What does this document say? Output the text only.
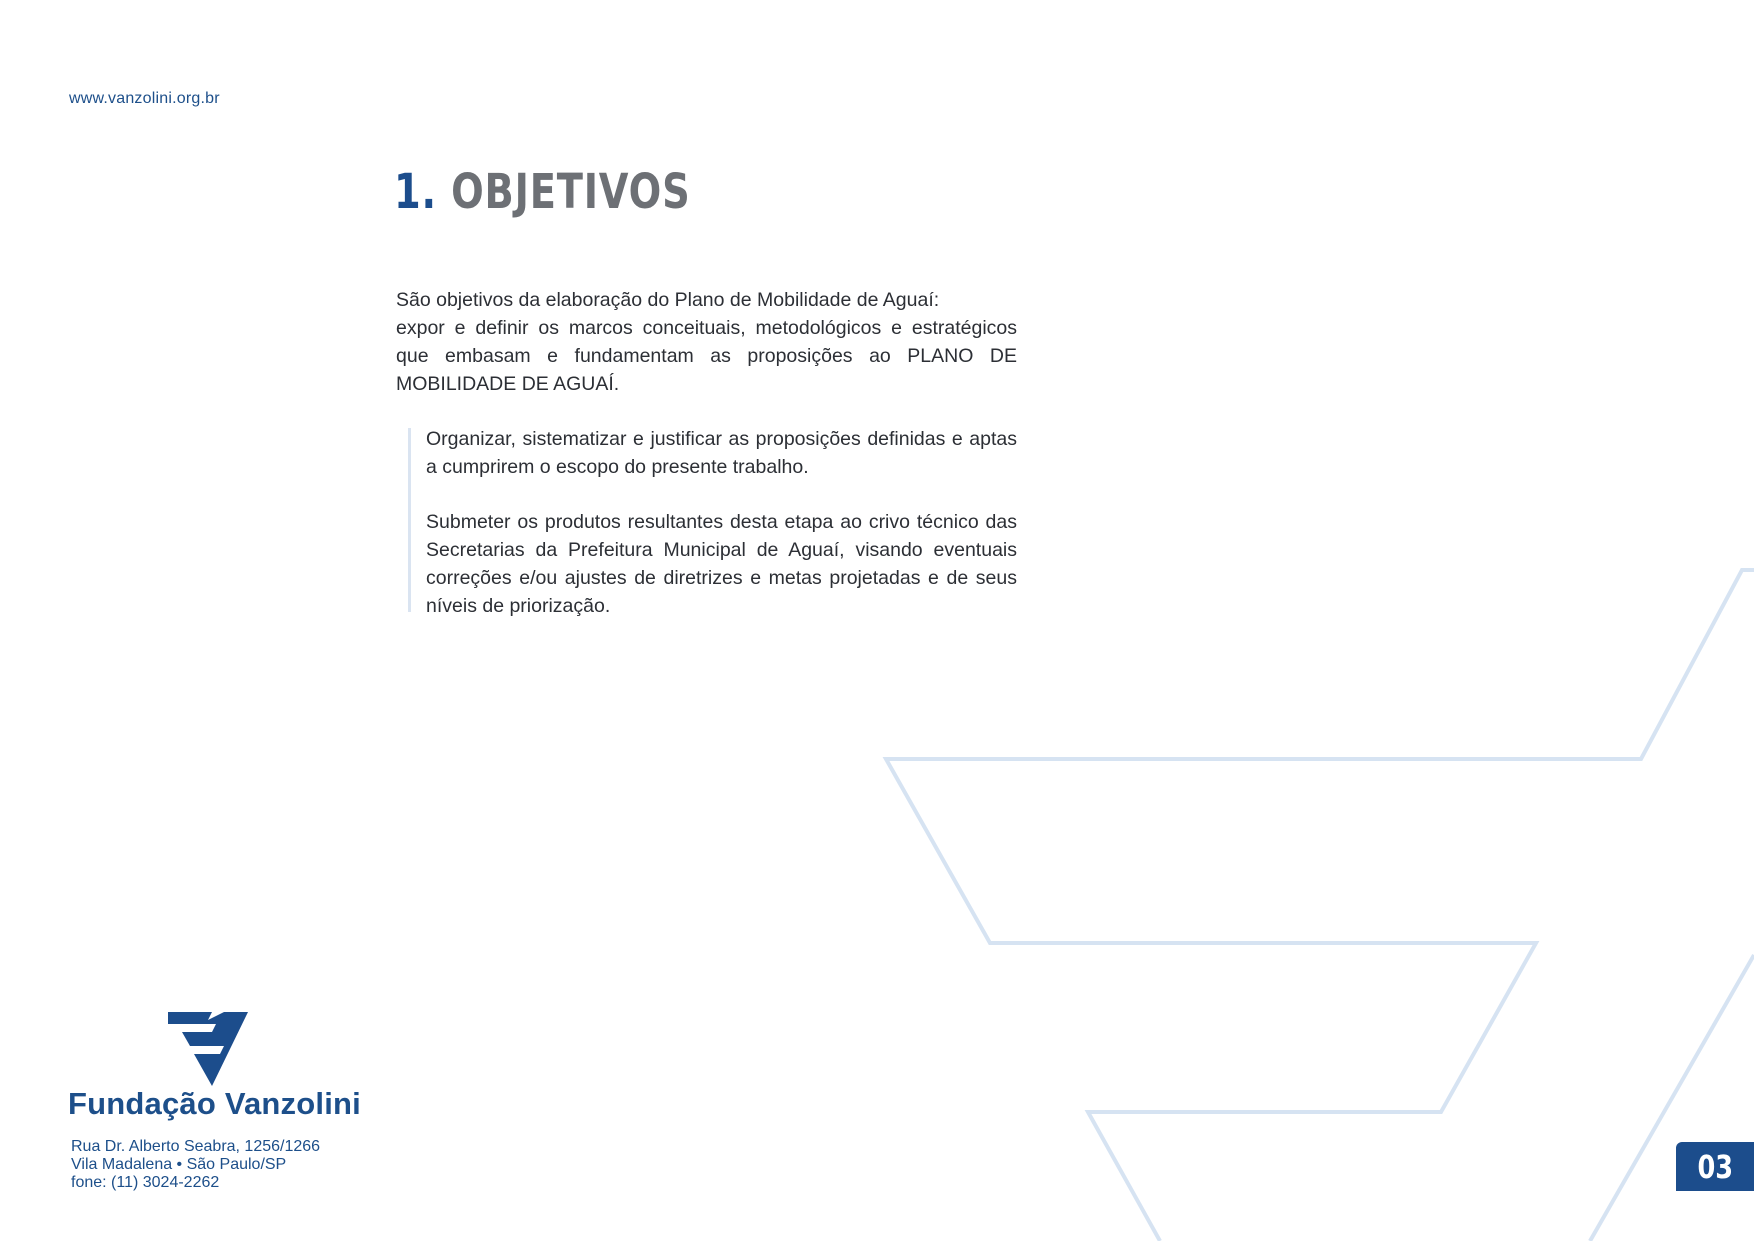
www.vanzolini.org.br
1. OBJETIVOS

São objetivos da elaboração do Plano de Mobilidade de Aguaí:

expor e definir os marcos conceituais, metodológicos e estratégicos que embasam e fundamentam as proposições ao PLANO DE MOBILIDADE DE AGUAÍ.

Organizar, sistematizar e justificar as proposições definidas e aptas a cumprirem o escopo do presente trabalho.

Submeter os produtos resultantes desta etapa ao crivo técnico das Secretarias da Prefeitura Municipal de Aguaí, visando eventuais correções e/ou ajustes de diretrizes e metas projetadas e de seus níveis de priorização.

Fundação Vanzolini
Rua Dr. Alberto Seabra, 1256/1266
Vila Madalena • São Paulo/SP
fone: (11) 3024-2262	03
